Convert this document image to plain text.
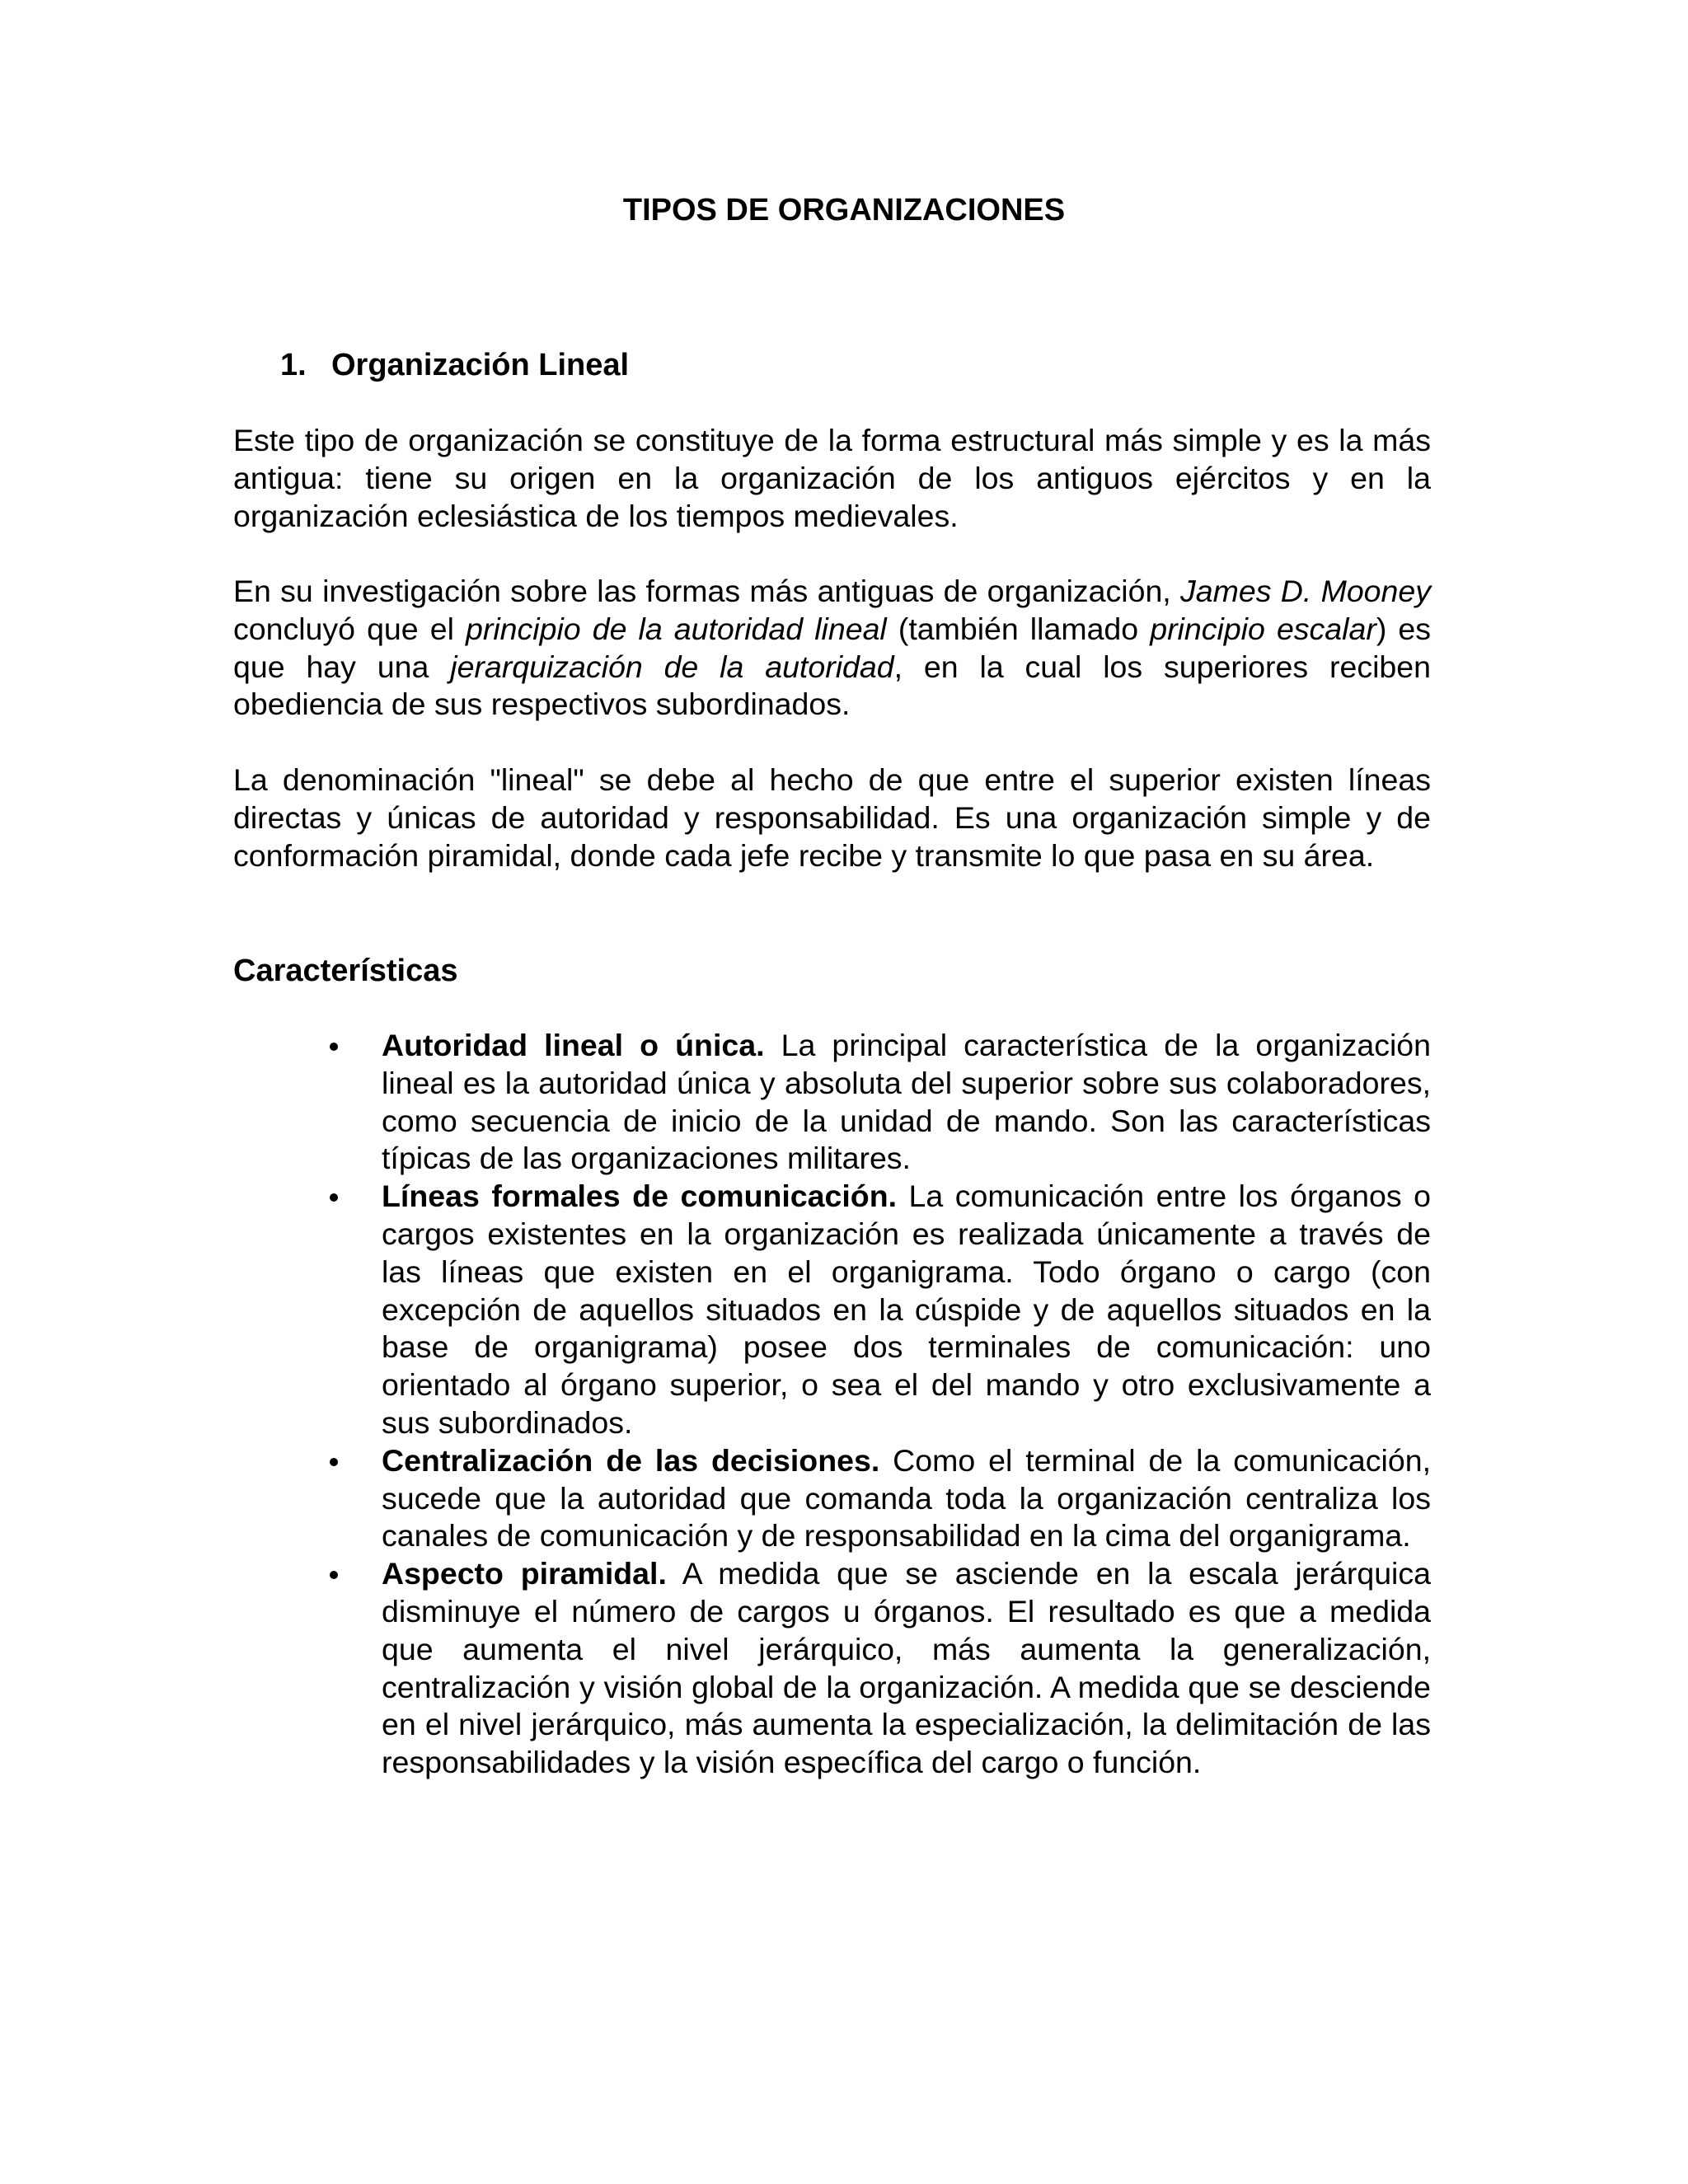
TIPOS DE ORGANIZACIONES
1. Organización Lineal

Este tipo de organización se constituye de la forma estructural más simple y es la más antigua: tiene su origen en la organización de los antiguos ejércitos y en la organización eclesiástica de los tiempos medievales.

En su investigación sobre las formas más antiguas de organización, James D. Mooney concluyó que el principio de la autoridad lineal (también llamado principio escalar) es que hay una jerarquización de la autoridad, en la cual los superiores reciben obediencia de sus respectivos subordinados.

La denominación "lineal" se debe al hecho de que entre el superior existen líneas directas y únicas de autoridad y responsabilidad. Es una organización simple y de conformación piramidal, donde cada jefe recibe y transmite lo que pasa en su área.

Características
Autoridad lineal o única. La principal característica de la organización lineal es la autoridad única y absoluta del superior sobre sus colaboradores, como secuencia de inicio de la unidad de mando. Son las características típicas de las organizaciones militares.
Líneas formales de comunicación. La comunicación entre los órganos o cargos existentes en la organización es realizada únicamente a través de las líneas que existen en el organigrama. Todo órgano o cargo (con excepción de aquellos situados en la cúspide y de aquellos situados en la base de organigrama) posee dos terminales de comunicación: uno orientado al órgano superior, o sea el del mando y otro exclusivamente a sus subordinados.
Centralización de las decisiones. Como el terminal de la comunicación, sucede que la autoridad que comanda toda la organización centraliza los canales de comunicación y de responsabilidad en la cima del organigrama.
Aspecto piramidal. A medida que se asciende en la escala jerárquica disminuye el número de cargos u órganos. El resultado es que a medida que aumenta el nivel jerárquico, más aumenta la generalización, centralización y visión global de la organización. A medida que se desciende en el nivel jerárquico, más aumenta la especialización, la delimitación de las responsabilidades y la visión específica del cargo o función.
